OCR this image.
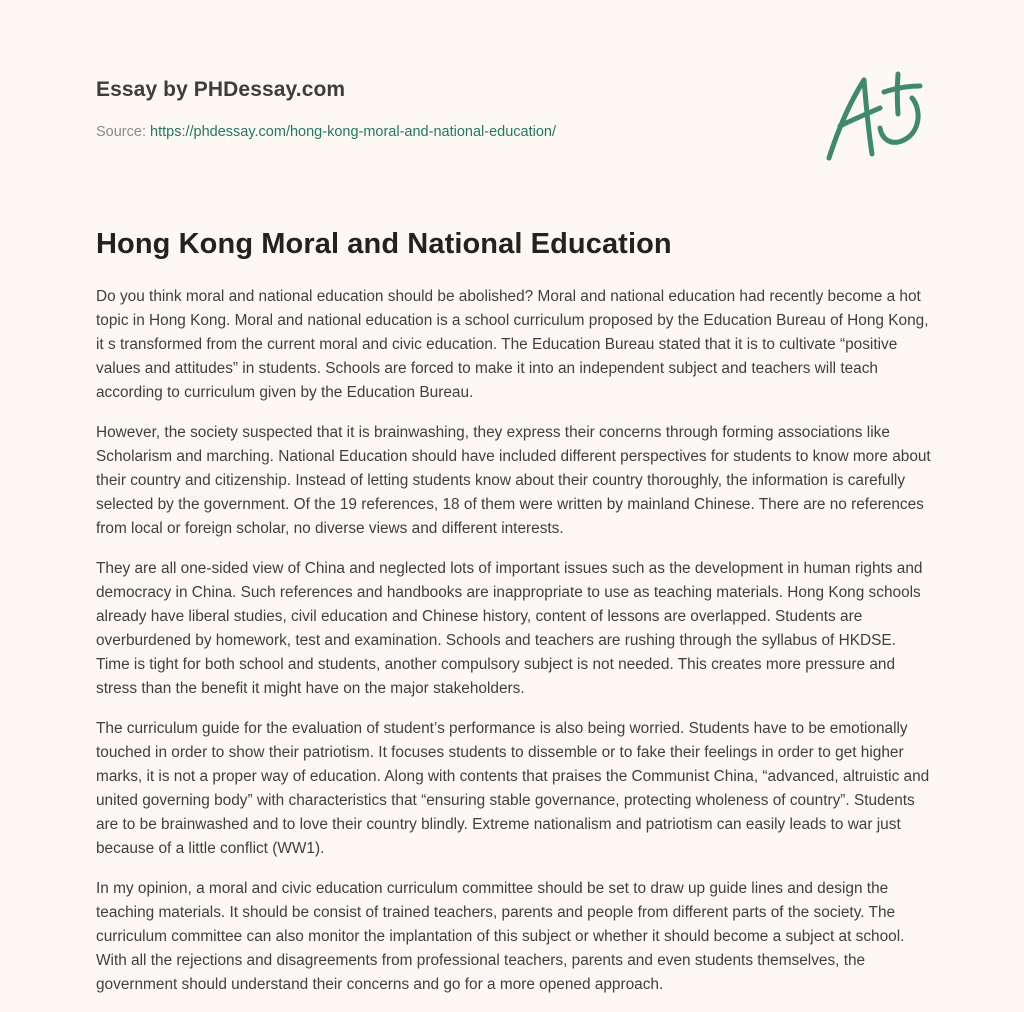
Essay by PHDessay.com
Source: https://phdessay.com/hong-kong-moral-and-national-education/
Hong Kong Moral and National Education

Do you think moral and national education should be abolished? Moral and national education had recently become a hot topic in Hong Kong. Moral and national education is a school curriculum proposed by the Education Bureau of Hong Kong, it s transformed from the current moral and civic education. The Education Bureau stated that it is to cultivate “positive values and attitudes” in students. Schools are forced to make it into an independent subject and teachers will teach according to curriculum given by the Education Bureau.

However, the society suspected that it is brainwashing, they express their concerns through forming associations like Scholarism and marching. National Education should have included different perspectives for students to know more about their country and citizenship. Instead of letting students know about their country thoroughly, the information is carefully selected by the government. Of the 19 references, 18 of them were written by mainland Chinese. There are no references from local or foreign scholar, no diverse views and different interests.

They are all one-sided view of China and neglected lots of important issues such as the development in human rights and democracy in China. Such references and handbooks are inappropriate to use as teaching materials. Hong Kong schools already have liberal studies, civil education and Chinese history, content of lessons are overlapped. Students are overburdened by homework, test and examination. Schools and teachers are rushing through the syllabus of HKDSE. Time is tight for both school and students, another compulsory subject is not needed. This creates more pressure and stress than the benefit it might have on the major stakeholders.

The curriculum guide for the evaluation of student’s performance is also being worried. Students have to be emotionally touched in order to show their patriotism. It focuses students to dissemble or to fake their feelings in order to get higher marks, it is not a proper way of education. Along with contents that praises the Communist China, “advanced, altruistic and united governing body” with characteristics that “ensuring stable governance, protecting wholeness of country”. Students are to be brainwashed and to love their country blindly. Extreme nationalism and patriotism can easily leads to war just because of a little conflict (WW1).

In my opinion, a moral and civic education curriculum committee should be set to draw up guide lines and design the teaching materials. It should be consist of trained teachers, parents and people from different parts of the society. The curriculum committee can also monitor the implantation of this subject or whether it should become a subject at school. With all the rejections and disagreements from professional teachers, parents and even students themselves, the government should understand their concerns and go for a more opened approach.
